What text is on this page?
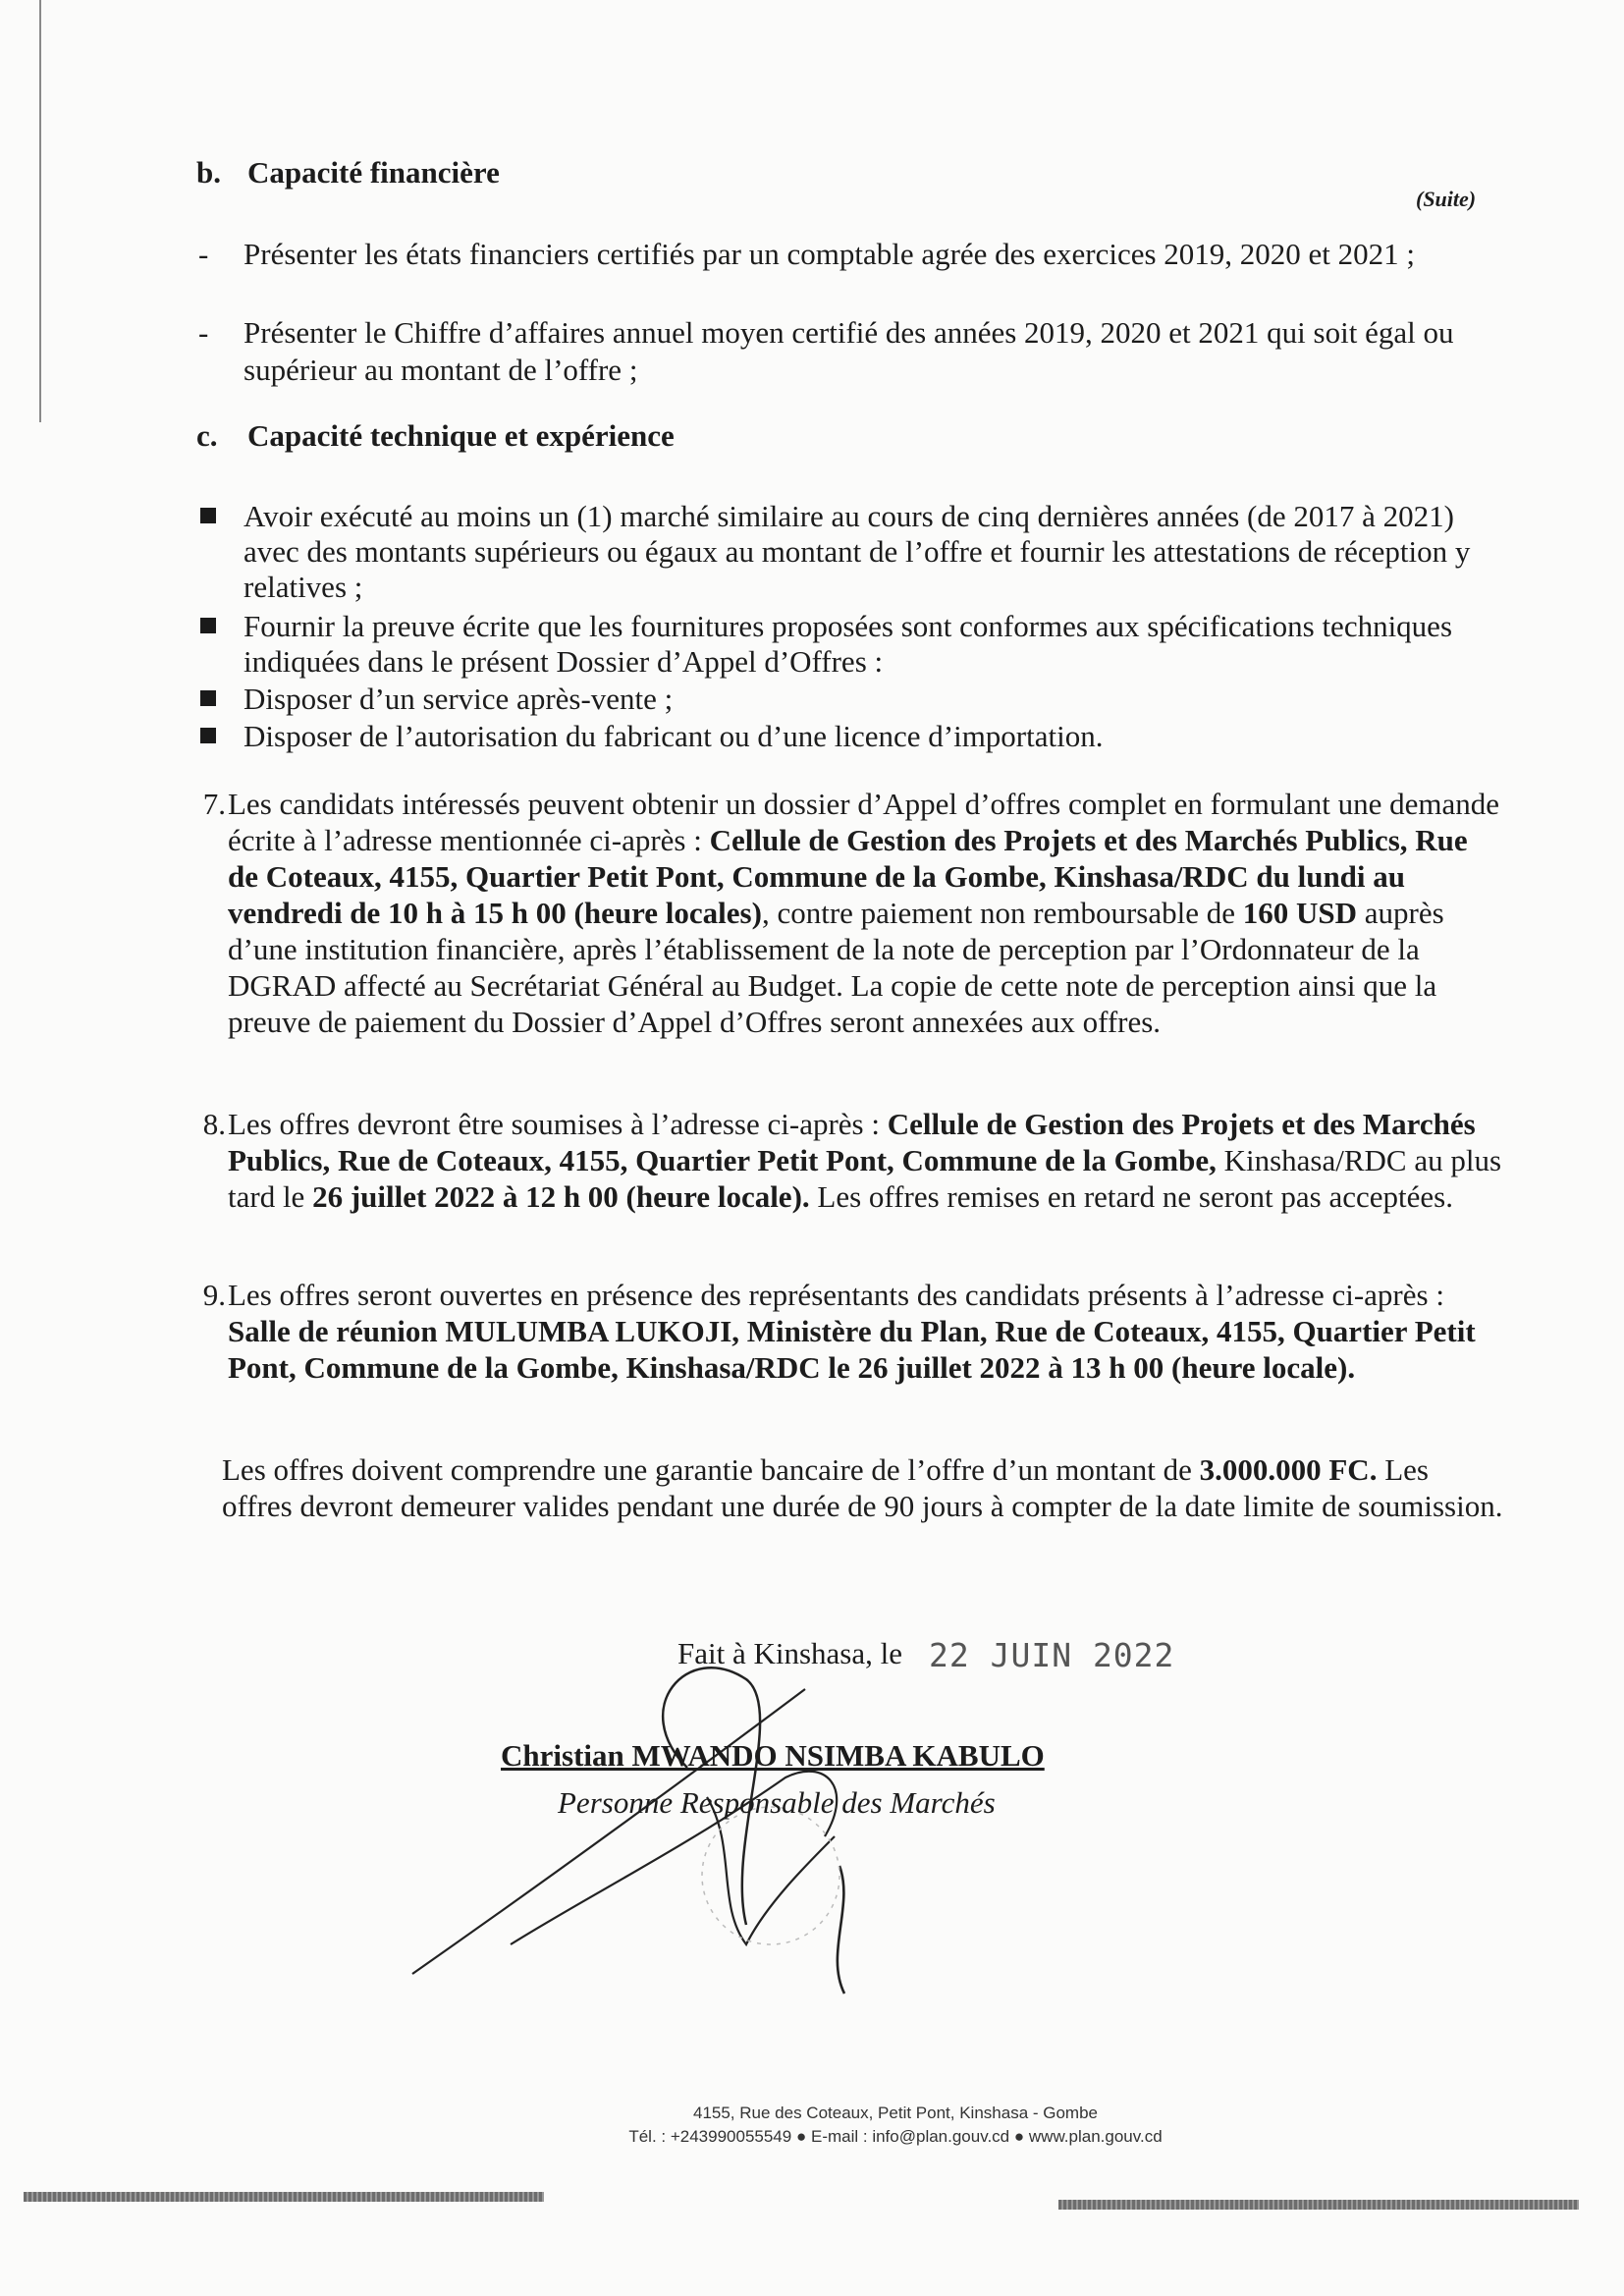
b. Capacité financière
(Suite)
- Présenter les états financiers certifiés par un comptable agrée des exercices 2019, 2020 et 2021 ;
- Présenter le Chiffre d’affaires annuel moyen certifié des années 2019, 2020 et 2021 qui soit égal ou supérieur au montant de l’offre ;
c. Capacité technique et expérience
Avoir exécuté au moins un (1) marché similaire au cours de cinq dernières années (de 2017 à 2021) avec des montants supérieurs ou égaux au montant de l’offre et fournir les attestations de réception y relatives ;
Fournir la preuve écrite que les fournitures proposées sont conformes aux spécifications techniques indiquées dans le présent Dossier d’Appel d’Offres :
Disposer d’un service après-vente ;
Disposer de l’autorisation du fabricant ou d’une licence d’importation.
7. Les candidats intéressés peuvent obtenir un dossier d’Appel d’offres complet en formulant une demande écrite à l’adresse mentionnée ci-après : Cellule de Gestion des Projets et des Marchés Publics, Rue de Coteaux, 4155, Quartier Petit Pont, Commune de la Gombe, Kinshasa/RDC du lundi au vendredi de 10 h à 15 h 00 (heure locales), contre paiement non remboursable de 160 USD auprès d’une institution financière, après l’établissement de la note de perception par l’Ordonnateur de la DGRAD affecté au Secrétariat Général au Budget. La copie de cette note de perception ainsi que la preuve de paiement du Dossier d’Appel d’Offres seront annexées aux offres.
8. Les offres devront être soumises à l’adresse ci-après : Cellule de Gestion des Projets et des Marchés Publics, Rue de Coteaux, 4155, Quartier Petit Pont, Commune de la Gombe, Kinshasa/RDC au plus tard le 26 juillet 2022 à 12 h 00 (heure locale). Les offres remises en retard ne seront pas acceptées.
9. Les offres seront ouvertes en présence des représentants des candidats présents à l’adresse ci-après : Salle de réunion MULUMBA LUKOJI, Ministère du Plan, Rue de Coteaux, 4155, Quartier Petit Pont, Commune de la Gombe, Kinshasa/RDC le 26 juillet 2022 à 13 h 00 (heure locale).
Les offres doivent comprendre une garantie bancaire de l’offre d’un montant de 3.000.000 FC. Les offres devront demeurer valides pendant une durée de 90 jours à compter de la date limite de soumission.
Fait à Kinshasa, le 22 JUIN 2022
Christian MWANDO NSIMBA KABULO
Personne Responsable des Marchés
4155, Rue des Coteaux, Petit Pont, Kinshasa - Gombe
Tél. : +243990055549 ● E-mail : info@plan.gouv.cd ● www.plan.gouv.cd
